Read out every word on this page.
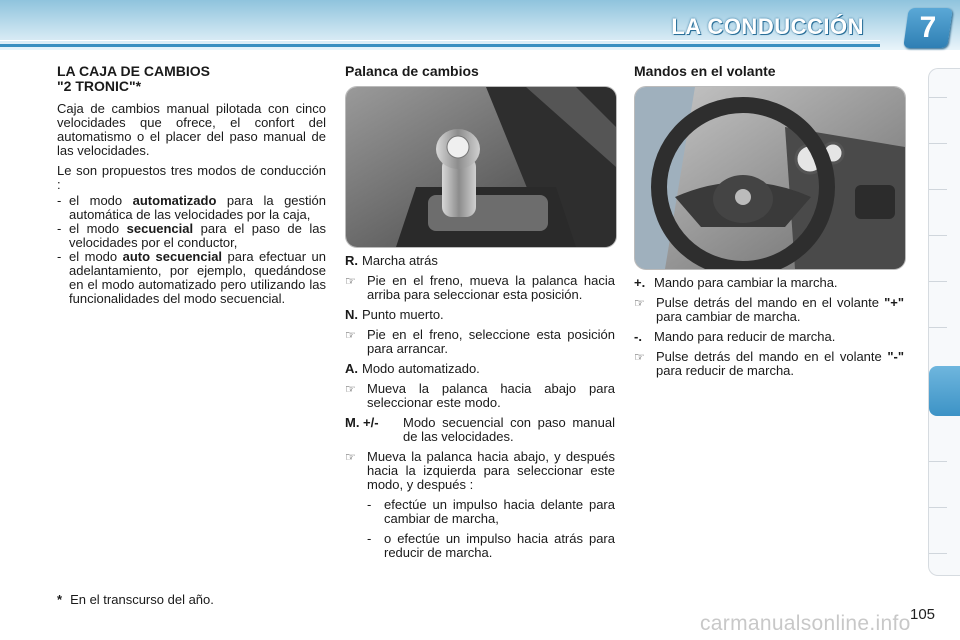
LA CONDUCCIÓN	7
LA CAJA DE CAMBIOS
"2 TRONIC"*

Caja de cambios manual pilotada con cinco velocidades que ofrece, el confort del automatismo o el placer del paso manual de las velocidades.

Le son propuestos tres modos de conducción :

- el modo automatizado para la gestión automática de las velocidades por la caja,
- el modo secuencial para el paso de las velocidades por el conductor,
- el modo auto secuencial para efectuar un adelantamiento, por ejemplo, quedándose en el modo automatizado pero utilizando las funcionalidades del modo secuencial.
Palanca de cambios
R. Marcha atrás
☞ Pie en el freno, mueva la palanca hacia arriba para seleccionar esta posición.
N. Punto muerto.
☞ Pie en el freno, seleccione esta posición para arrancar.
A. Modo automatizado.
☞ Mueva la palanca hacia abajo para seleccionar este modo.
M. +/-	Modo secuencial con paso manual de las velocidades.
☞ Mueva la palanca hacia abajo, y después hacia la izquierda para seleccionar este modo, y después :
- efectúe un impulso hacia delante para cambiar de marcha,
- o efectúe un impulso hacia atrás para reducir de marcha.
Mandos en el volante
+. Mando para cambiar la marcha.
☞ Pulse detrás del mando en el volante "+" para cambiar de marcha.
-. Mando para reducir de marcha.
☞ Pulse detrás del mando en el volante "-" para reducir de marcha.
* En el transcurso del año.
carmanualsonline.info 105
